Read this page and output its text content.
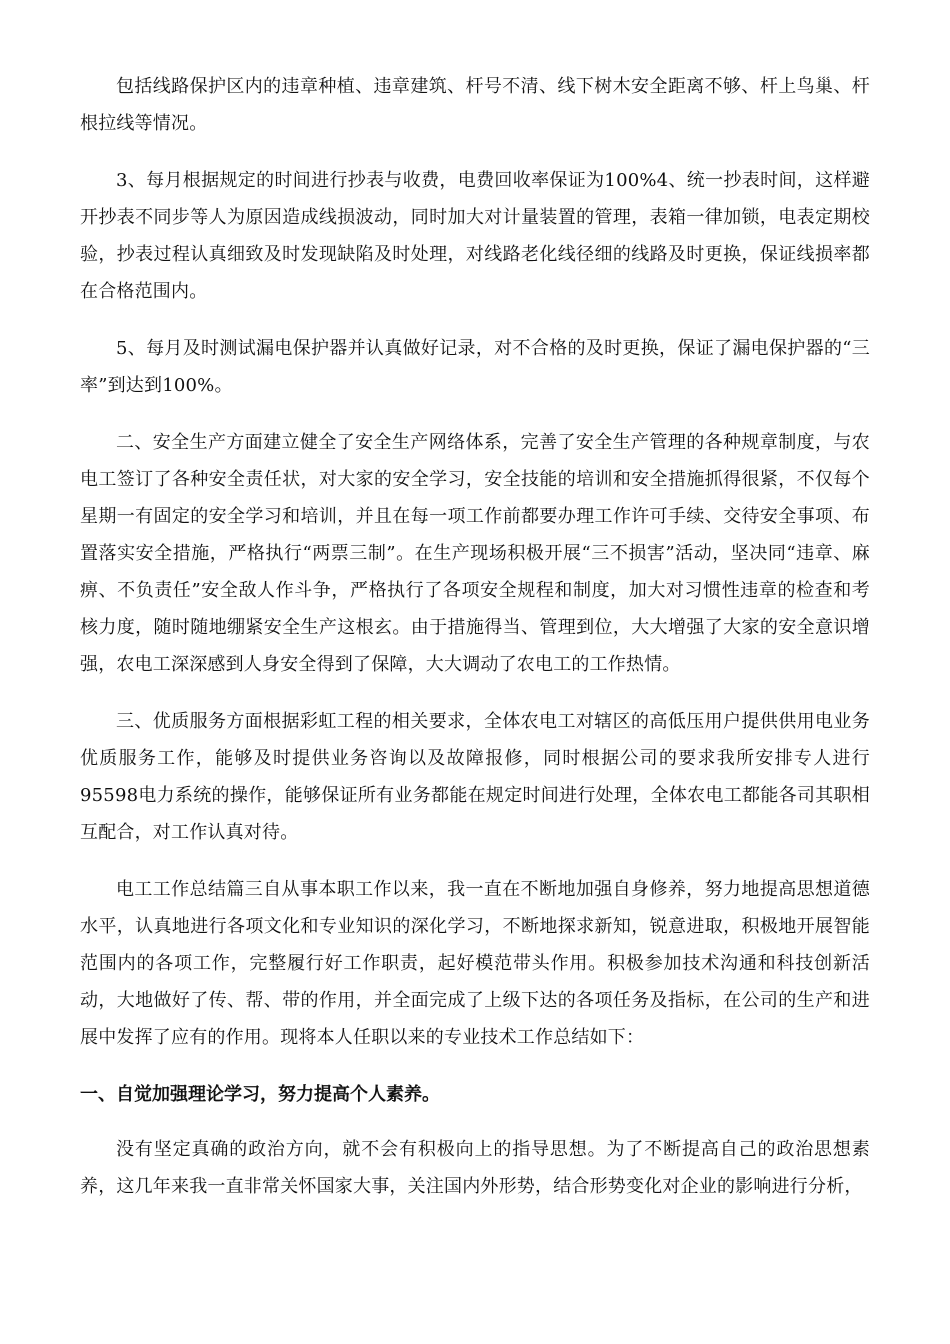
包括线路保护区内的违章种植、违章建筑、杆号不清、线下树木安全距离不够、杆上鸟巢、杆根拉线等情况。

3、每月根据规定的时间进行抄表与收费，电费回收率保证为100%4、统一抄表时间，这样避开抄表不同步等人为原因造成线损波动，同时加大对计量装置的管理，表箱一律加锁，电表定期校验，抄表过程认真细致及时发现缺陷及时处理，对线路老化线径细的线路及时更换，保证线损率都在合格范围内。

5、每月及时测试漏电保护器并认真做好记录，对不合格的及时更换，保证了漏电保护器的“三率”到达到100%。

二、安全生产方面建立健全了安全生产网络体系，完善了安全生产管理的各种规章制度，与农电工签订了各种安全责任状，对大家的安全学习，安全技能的培训和安全措施抓得很紧，不仅每个星期一有固定的安全学习和培训，并且在每一项工作前都要办理工作许可手续、交待安全事项、布置落实安全措施，严格执行“两票三制”。在生产现场积极开展“三不损害”活动，坚决同“违章、麻痹、不负责任”安全敌人作斗争，严格执行了各项安全规程和制度，加大对习惯性违章的检查和考核力度，随时随地绷紧安全生产这根玄。由于措施得当、管理到位，大大增强了大家的安全意识增强，农电工深深感到人身安全得到了保障，大大调动了农电工的工作热情。

三、优质服务方面根据彩虹工程的相关要求，全体农电工对辖区的高低压用户提供供用电业务优质服务工作，能够及时提供业务咨询以及故障报修，同时根据公司的要求我所安排专人进行95598电力系统的操作，能够保证所有业务都能在规定时间进行处理，全体农电工都能各司其职相互配合，对工作认真对待。

电工工作总结篇三自从事本职工作以来，我一直在不断地加强自身修养，努力地提高思想道德水平，认真地进行各项文化和专业知识的深化学习，不断地探求新知，锐意进取，积极地开展智能范围内的各项工作，完整履行好工作职责，起好模范带头作用。积极参加技术沟通和科技创新活动，大地做好了传、帮、带的作用，并全面完成了上级下达的各项任务及指标，在公司的生产和进展中发挥了应有的作用。现将本人任职以来的专业技术工作总结如下：

一、自觉加强理论学习，努力提高个人素养。

没有坚定真确的政治方向，就不会有积极向上的指导思想。为了不断提高自己的政治思想素养，这几年来我一直非常关怀国家大事，关注国内外形势，结合形势变化对企业的影响进行分析，
